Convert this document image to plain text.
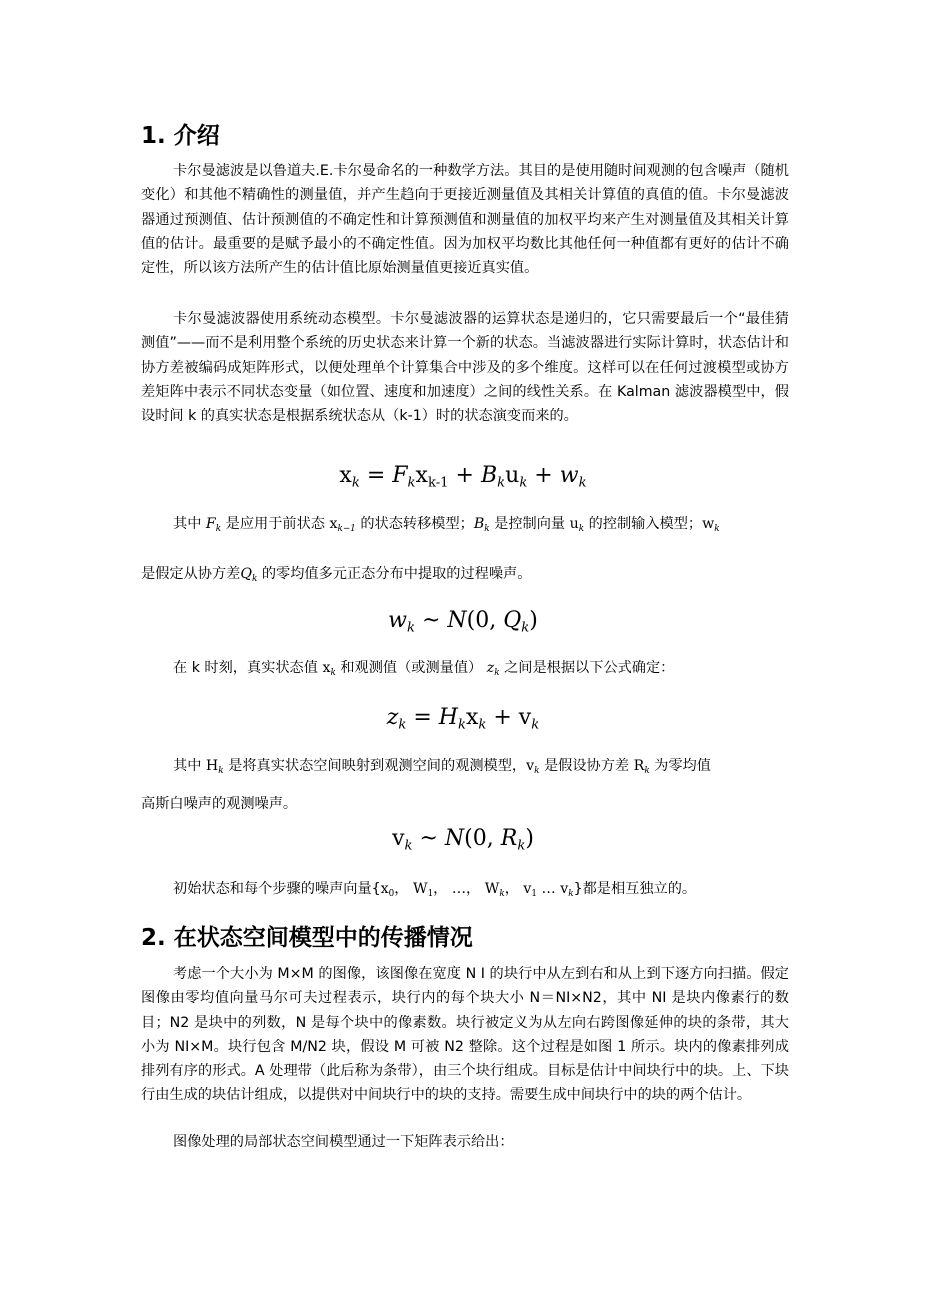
1. 介绍

卡尔曼滤波是以鲁道夫.E.卡尔曼命名的一种数学方法。其目的是使用随时间观测的包含噪声（随机变化）和其他不精确性的测量值，并产生趋向于更接近测量值及其相关计算值的真值的值。卡尔曼滤波器通过预测值、估计预测值的不确定性和计算预测值和测量值的加权平均来产生对测量值及其相关计算值的估计。最重要的是赋予最小的不确定性值。因为加权平均数比其他任何一种值都有更好的估计不确定性，所以该方法所产生的估计值比原始测量值更接近真实值。

卡尔曼滤波器使用系统动态模型。卡尔曼滤波器的运算状态是递归的，它只需要最后一个“最佳猜测值”——而不是利用整个系统的历史状态来计算一个新的状态。当滤波器进行实际计算时，状态估计和协方差被编码成矩阵形式，以便处理单个计算集合中涉及的多个维度。这样可以在任何过渡模型或协方差矩阵中表示不同状态变量（如位置、速度和加速度）之间的线性关系。在 Kalman 滤波器模型中，假设时间 k 的真实状态是根据系统状态从（k-1）时的状态演变而来的。

$x_k = F_kx_{k-1} + B_ku_k + w_k$
其中 $F_k$ 是应用于前状态 $x_{k-1}$ 的状态转移模型；$B_k$ 是控制向量 $u_k$ 的控制输入模型；$w_k$
是假定从协方差$Q_k$ 的零均值多元正态分布中提取的过程噪声。
$w_k$ ~ N(0, $Q_k$)
在 k 时刻，真实状态值 $x_k$ 和观测值（或测量值） $z_k$ 之间是根据以下公式确定：
$z_k = H_kx_k + v_k$
其中 $H_k$ 是将真实状态空间映射到观测空间的观测模型，$v_k$ 是假设协方差 $R_k$ 为零均值
高斯白噪声的观测噪声。
$v_k$ ~ N(0, $R_k$)
初始状态和每个步骤的噪声向量{$x_0$， $W_1$， …， $W_k$， $v_1$ … $v_k$}都是相互独立的。
2. 在状态空间模型中的传播情况

考虑一个大小为 M×M 的图像，该图像在宽度 N I 的块行中从左到右和从上到下逐方向扫描。假定图像由零均值向量马尔可夫过程表示，块行内的每个块大小 N＝NI×N2，其中 NI 是块内像素行的数目；N2 是块中的列数，N 是每个块中的像素数。块行被定义为从左向右跨图像延伸的块的条带，其大小为 NI×M。块行包含 M/N2 块，假设 M 可被 N2 整除。这个过程是如图 1 所示。块内的像素排列成排列有序的形式。A 处理带（此后称为条带），由三个块行组成。目标是估计中间块行中的块。上、下块行由生成的块估计组成，以提供对中间块行中的块的支持。需要生成中间块行中的块的两个估计。

图像处理的局部状态空间模型通过一下矩阵表示给出：
